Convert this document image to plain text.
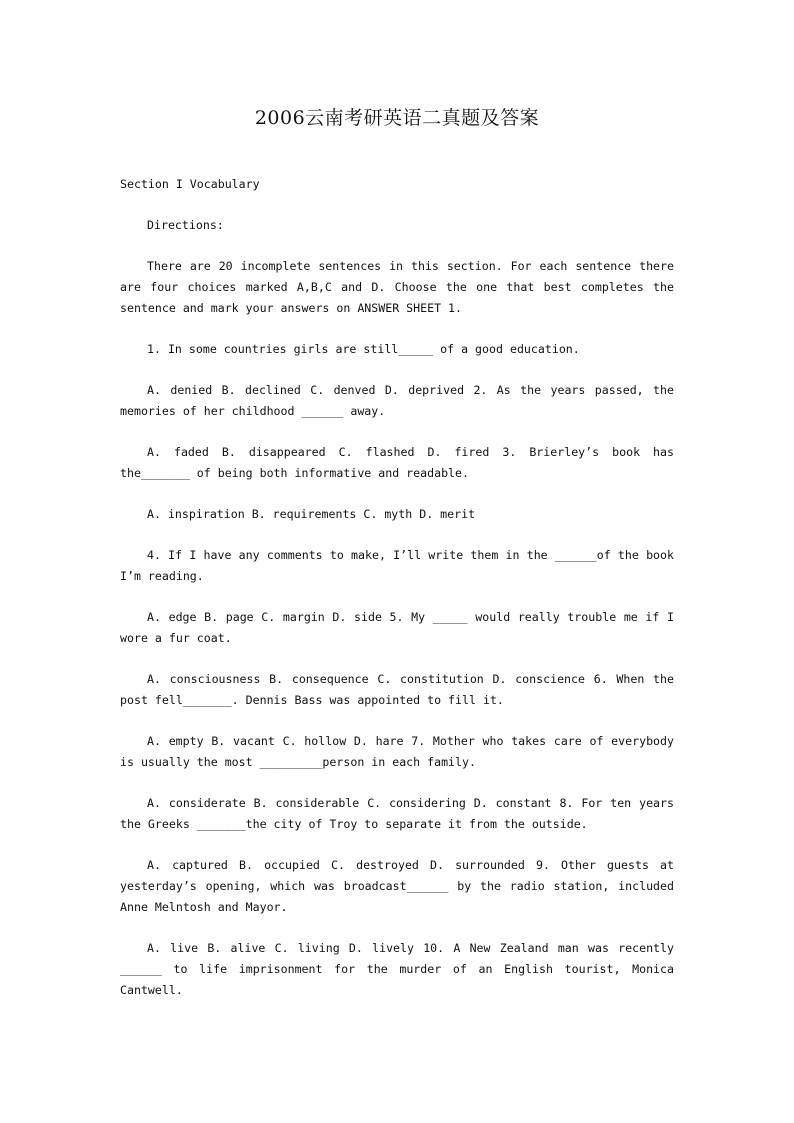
2006云南考研英语二真题及答案

Section I Vocabulary

Directions:

There are 20 incomplete sentences in this section. For each sentence there are four choices marked A,B,C and D. Choose the one that best completes the sentence and mark your answers on ANSWER SHEET 1.

1. In some countries girls are still_____ of a good education.

A. denied B. declined C. denved D. deprived 2. As the years passed, the memories of her childhood ______ away.

A. faded B. disappeared C. flashed D. fired 3. Brierley’s book has the_______ of being both informative and readable.

A. inspiration B. requirements C. myth D. merit

4. If I have any comments to make, I’ll write them in the ______of the book I’m reading.

A. edge B. page C. margin D. side 5. My _____ would really trouble me if I wore a fur coat.

A. consciousness B. consequence C. constitution D. conscience 6. When the post fell_______. Dennis Bass was appointed to fill it.

A. empty B. vacant C. hollow D. hare 7. Mother who takes care of everybody is usually the most _________person in each family.

A. considerate B. considerable C. considering D. constant 8. For ten years the Greeks _______the city of Troy to separate it from the outside.

A. captured B. occupied C. destroyed D. surrounded 9. Other guests at yesterday’s opening, which was broadcast______ by the radio station, included Anne Melntosh and Mayor.

A. live B. alive C. living D. lively 10. A New Zealand man was recently ______ to life imprisonment for the murder of an English tourist, Monica Cantwell.
